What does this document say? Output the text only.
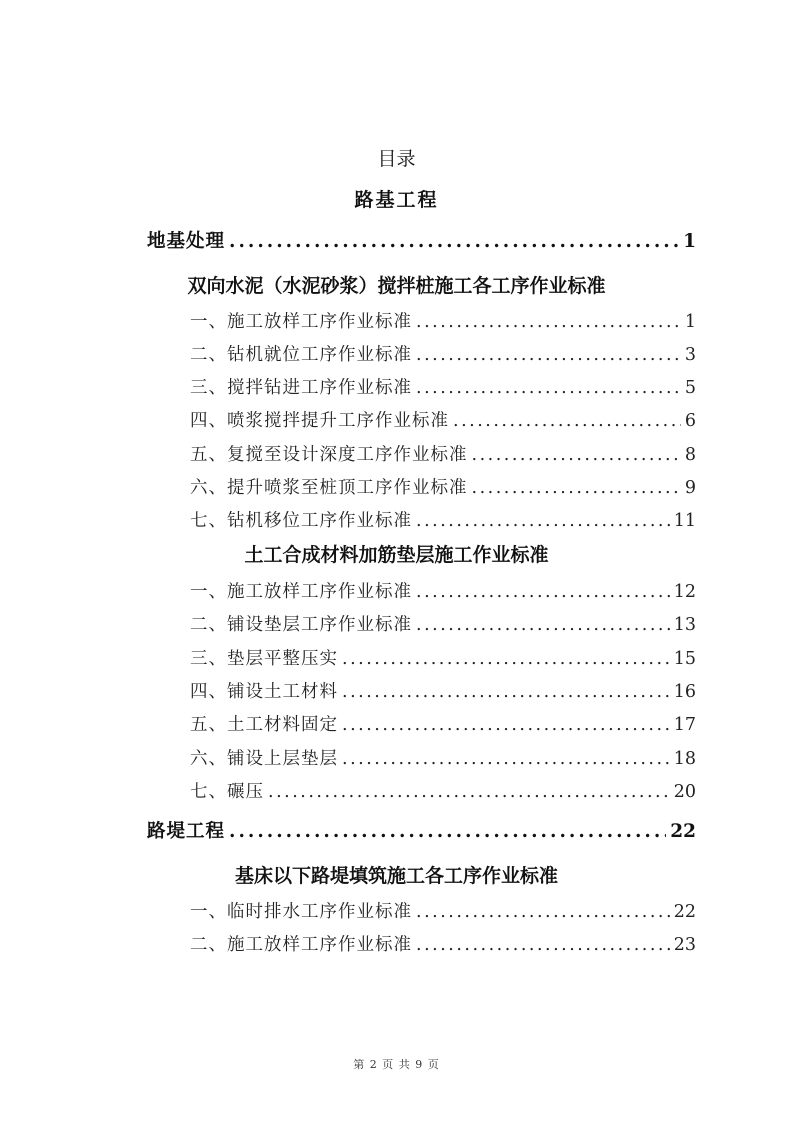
目录
路基工程
地基处理 .....	1
双向水泥（水泥砂浆）搅拌桩施工各工序作业标准
一、施工放样工序作业标准 .....	1
二、钻机就位工序作业标准 .....	3
三、搅拌钻进工序作业标准 .....	5
四、喷浆搅拌提升工序作业标准 .....	6
五、复搅至设计深度工序作业标准 .....	8
六、提升喷浆至桩顶工序作业标准 .....	9
七、钻机移位工序作业标准 .....	11
土工合成材料加筋垫层施工作业标准
一、施工放样工序作业标准 .....	12
二、铺设垫层工序作业标准 .....	13
三、垫层平整压实 .....	15
四、铺设土工材料 .....	16
五、土工材料固定 .....	17
六、铺设上层垫层 .....	18
七、碾压 .....	20
路堤工程 .....	22
基床以下路堤填筑施工各工序作业标准
一、临时排水工序作业标准 .....	22
二、施工放样工序作业标准 .....	23
第 2 页 共 9 页
